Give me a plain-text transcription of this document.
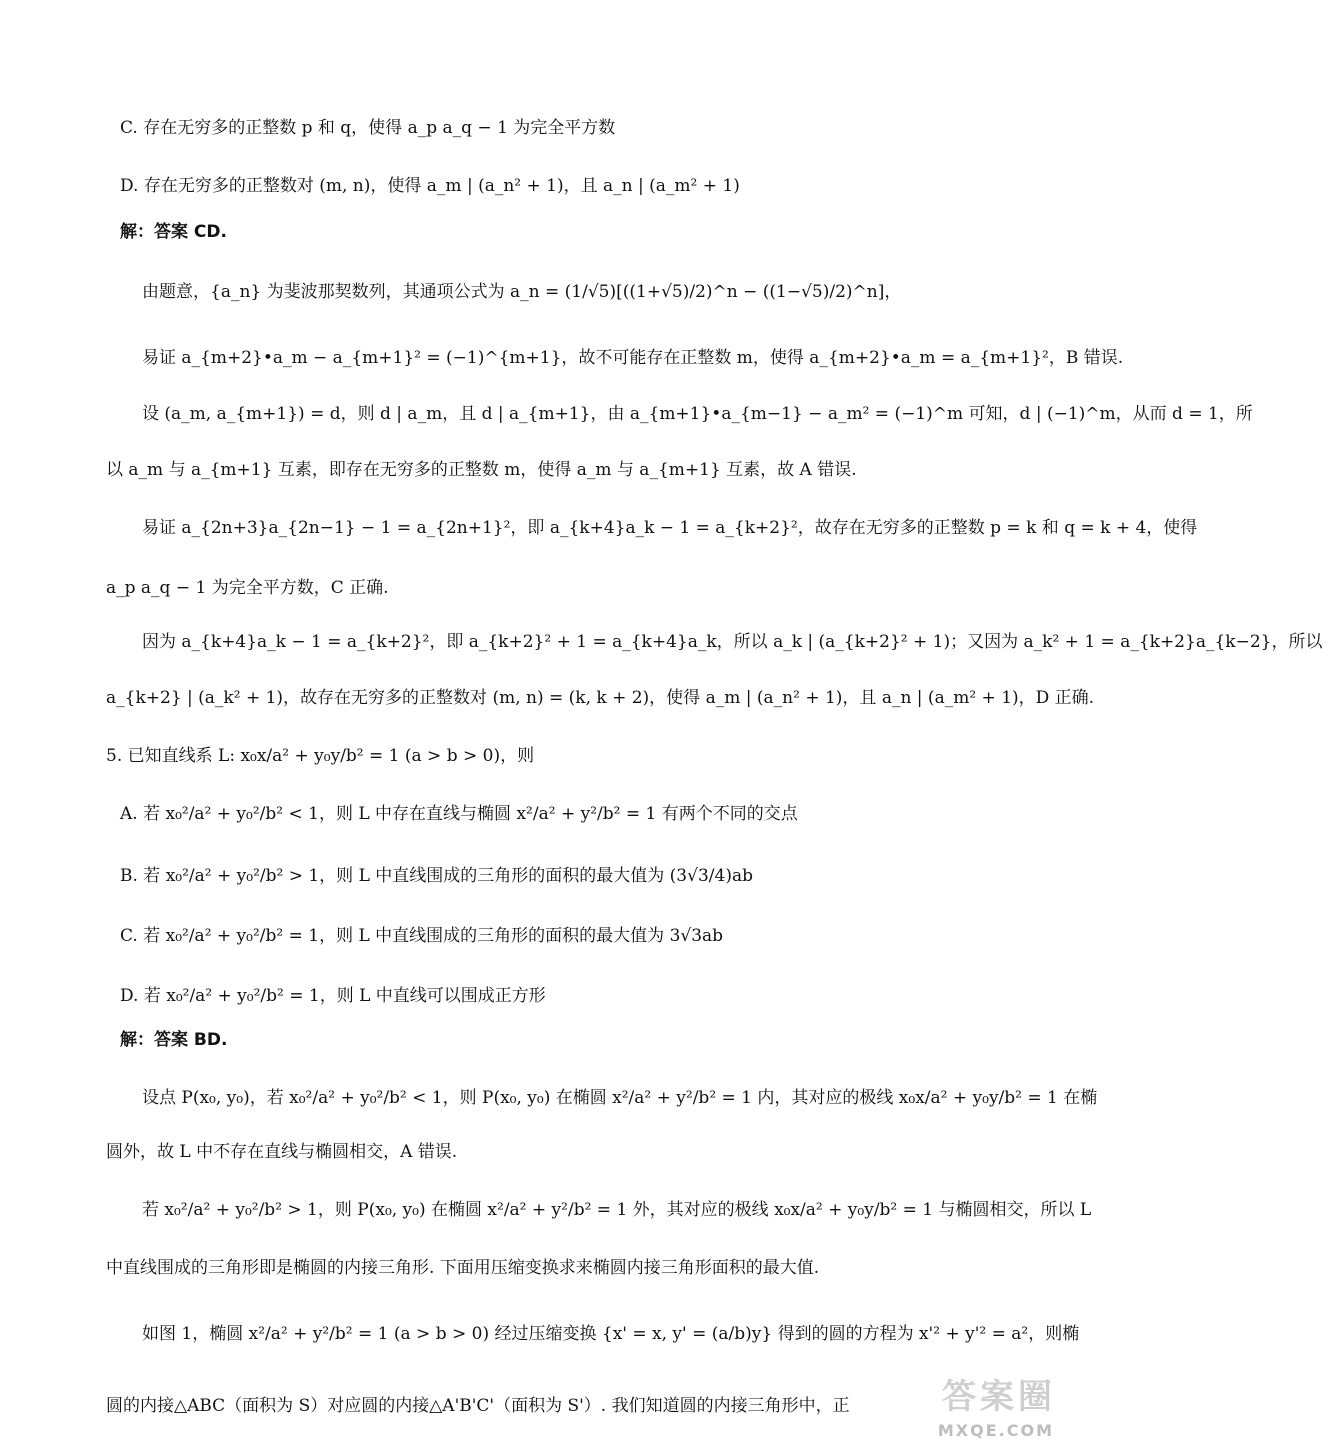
C. 存在无穷多的正整数 p 和 q，使得 a_p a_q − 1 为完全平方数
D. 存在无穷多的正整数对 (m, n)，使得 a_m | (a_n² + 1)，且 a_n | (a_m² + 1)
解：答案 CD.
由题意，{a_n} 为斐波那契数列，其通项公式为 a_n = (1/√5)[((1+√5)/2)^n − ((1−√5)/2)^n]，
易证 a_{m+2}•a_m − a_{m+1}² = (−1)^{m+1}，故不可能存在正整数 m，使得 a_{m+2}•a_m = a_{m+1}²，B 错误.
设 (a_m, a_{m+1}) = d，则 d | a_m，且 d | a_{m+1}，由 a_{m+1}•a_{m−1} − a_m² = (−1)^m 可知，d | (−1)^m，从而 d = 1，所
以 a_m 与 a_{m+1} 互素，即存在无穷多的正整数 m，使得 a_m 与 a_{m+1} 互素，故 A 错误.
易证 a_{2n+3}a_{2n−1} − 1 = a_{2n+1}²，即 a_{k+4}a_k − 1 = a_{k+2}²，故存在无穷多的正整数 p = k 和 q = k + 4，使得
a_p a_q − 1 为完全平方数，C 正确.
因为 a_{k+4}a_k − 1 = a_{k+2}²，即 a_{k+2}² + 1 = a_{k+4}a_k，所以 a_k | (a_{k+2}² + 1)；又因为 a_k² + 1 = a_{k+2}a_{k−2}，所以
a_{k+2} | (a_k² + 1)，故存在无穷多的正整数对 (m, n) = (k, k + 2)，使得 a_m | (a_n² + 1)，且 a_n | (a_m² + 1)，D 正确.
5. 已知直线系 L: x₀x/a² + y₀y/b² = 1 (a > b > 0)，则
A. 若 x₀²/a² + y₀²/b² < 1，则 L 中存在直线与椭圆 x²/a² + y²/b² = 1 有两个不同的交点
B. 若 x₀²/a² + y₀²/b² > 1，则 L 中直线围成的三角形的面积的最大值为 (3√3/4)ab
C. 若 x₀²/a² + y₀²/b² = 1，则 L 中直线围成的三角形的面积的最大值为 3√3ab
D. 若 x₀²/a² + y₀²/b² = 1，则 L 中直线可以围成正方形
解：答案 BD.
设点 P(x₀, y₀)，若 x₀²/a² + y₀²/b² < 1，则 P(x₀, y₀) 在椭圆 x²/a² + y²/b² = 1 内，其对应的极线 x₀x/a² + y₀y/b² = 1 在椭
圆外，故 L 中不存在直线与椭圆相交，A 错误.
若 x₀²/a² + y₀²/b² > 1，则 P(x₀, y₀) 在椭圆 x²/a² + y²/b² = 1 外，其对应的极线 x₀x/a² + y₀y/b² = 1 与椭圆相交，所以 L
中直线围成的三角形即是椭圆的内接三角形. 下面用压缩变换求来椭圆内接三角形面积的最大值.
如图 1，椭圆 x²/a² + y²/b² = 1 (a > b > 0) 经过压缩变换 {x' = x, y' = (a/b)y} 得到的圆的方程为 x'² + y'² = a²，则椭
圆的内接△ABC（面积为 S）对应圆的内接△A'B'C'（面积为 S'）. 我们知道圆的内接三角形中，正	答案圈
MXQE.COM
